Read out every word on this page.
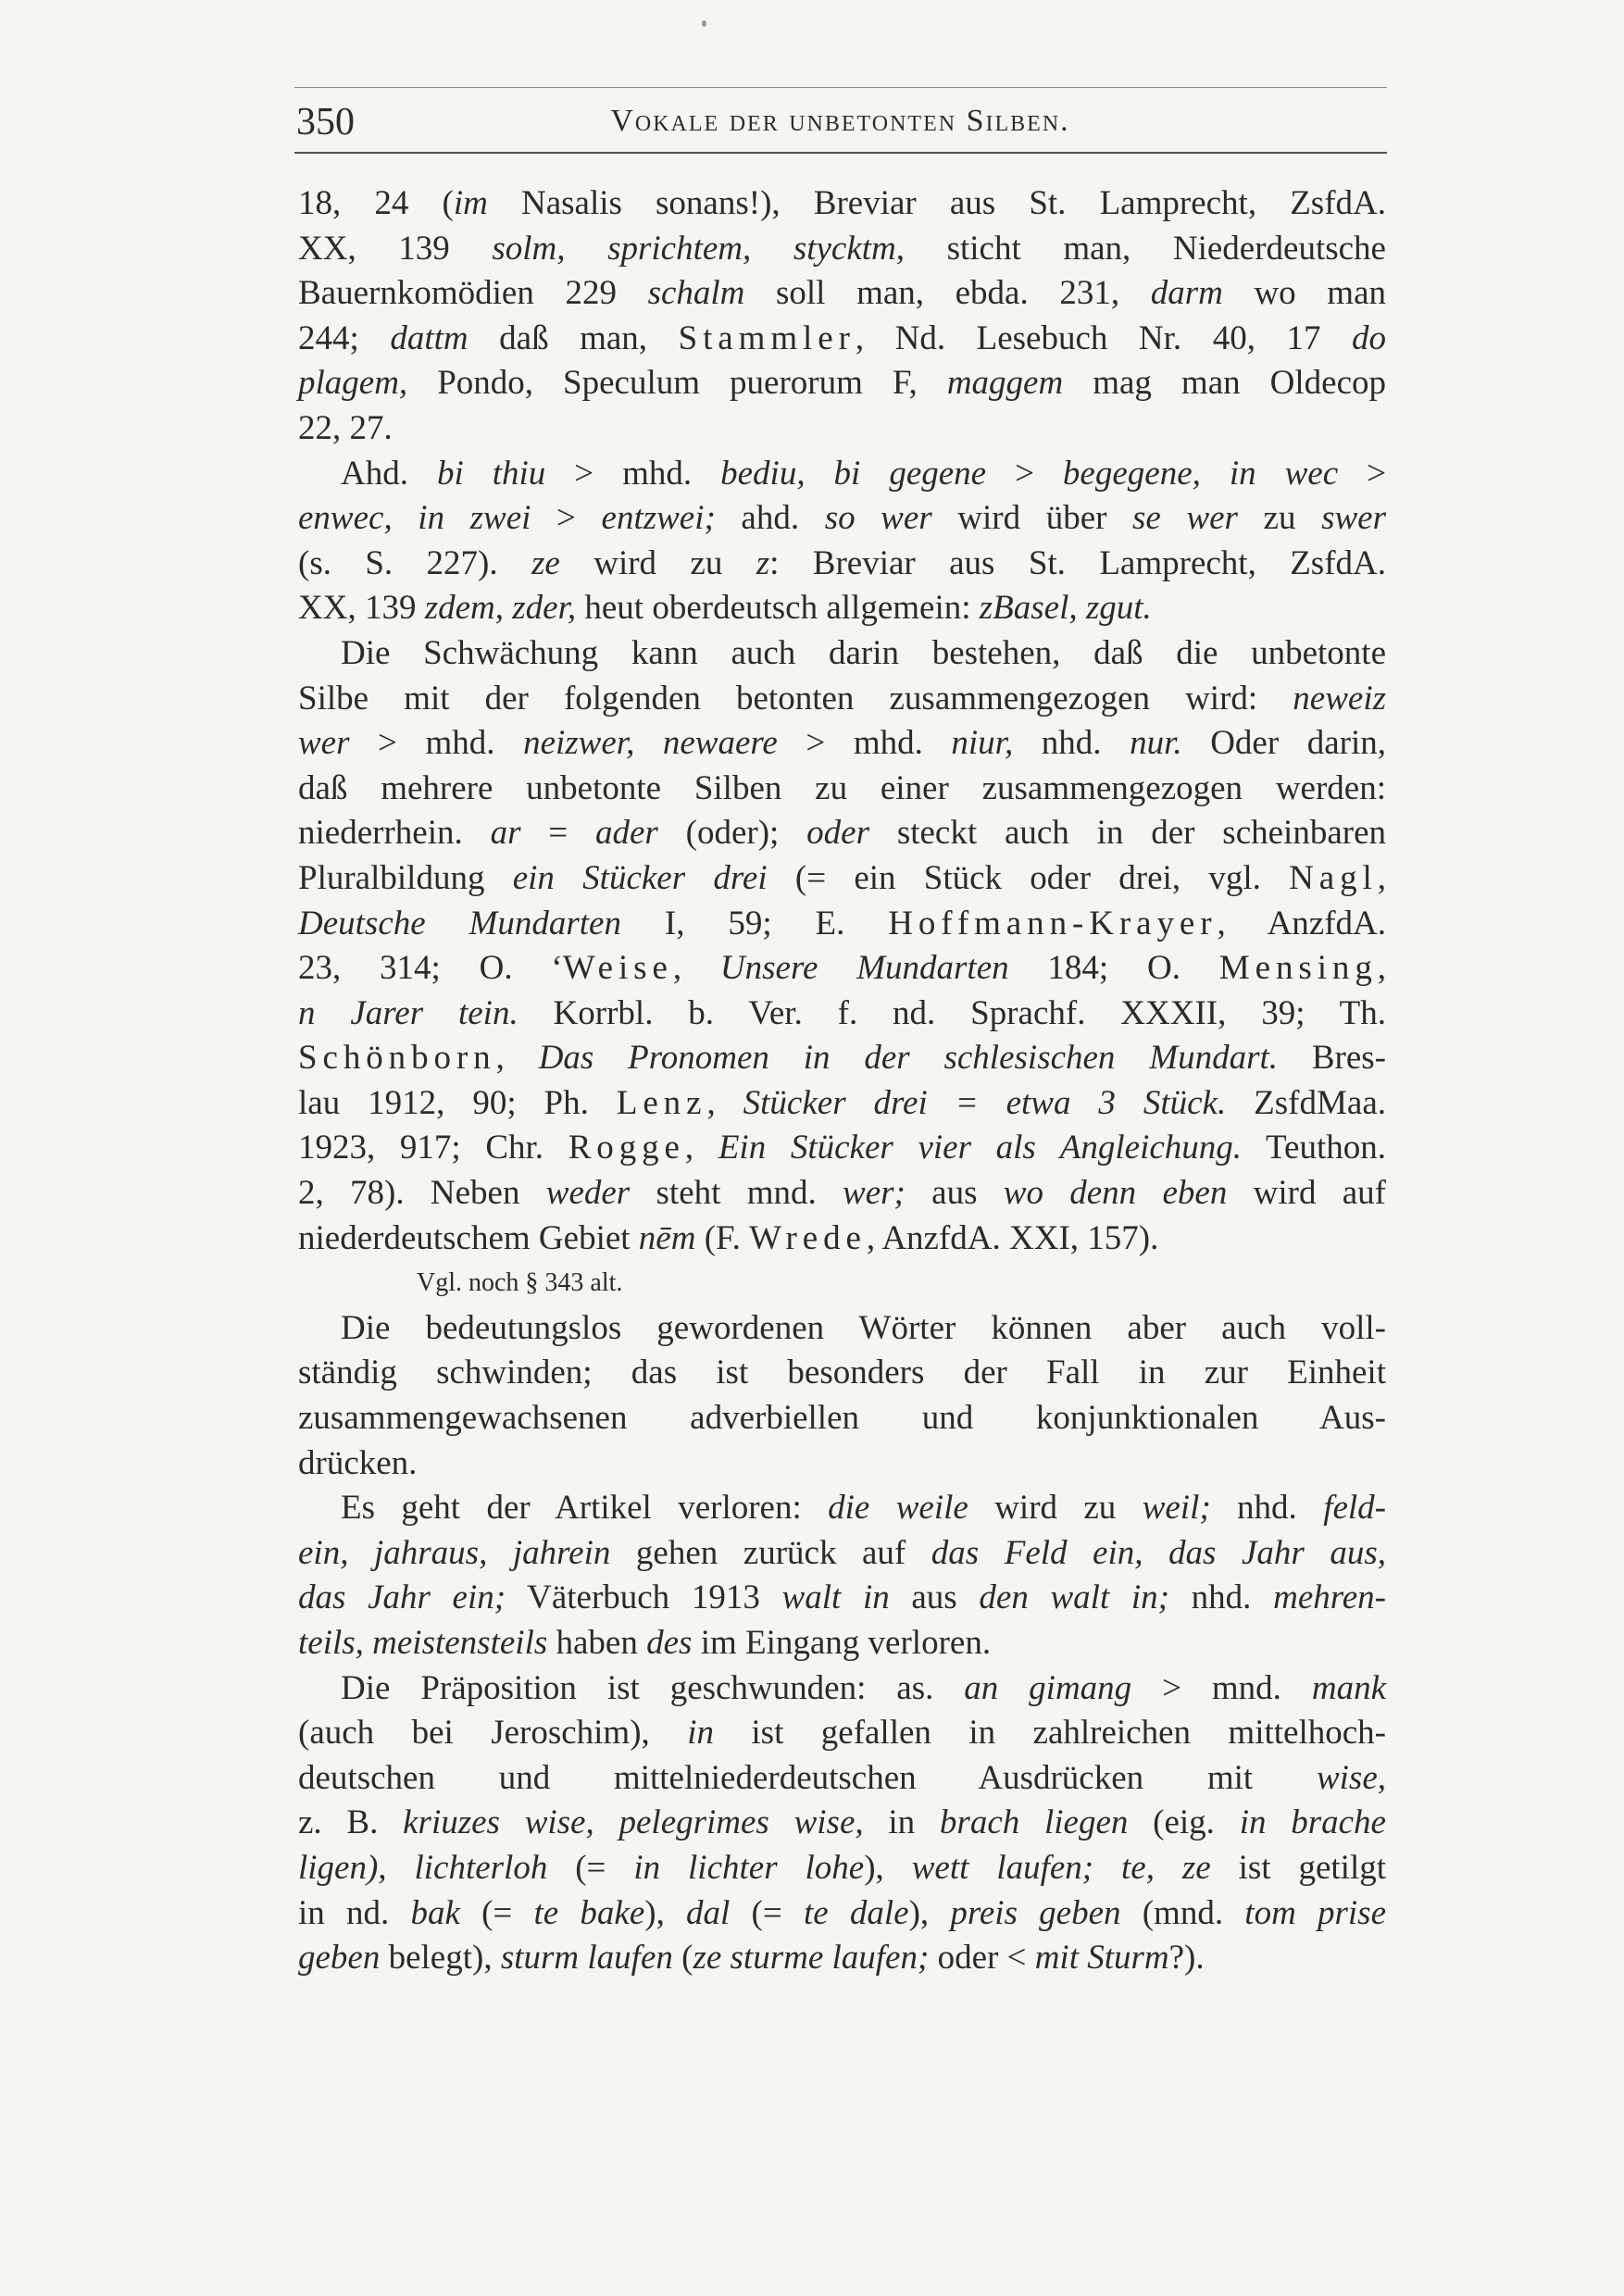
350	Vokale der unbetonten Silben.
18, 24 (im Nasalis sonans!), Breviar aus St. Lamprecht, ZsfdA.
XX, 139 solm, sprichtem, stycktm, sticht man, Niederdeutsche
Bauernkomödien 229 schalm soll man, ebda. 231, darm wo man
244; dattm daß man, Stammler, Nd. Lesebuch Nr. 40, 17 do
plagem, Pondo, Speculum puerorum F, maggem mag man Oldecop
22, 27.
Ahd. bi thiu > mhd. bediu, bi gegene > begegene, in wec >
enwec, in zwei > entzwei; ahd. so wer wird über se wer zu swer
(s. S. 227). ze wird zu z: Breviar aus St. Lamprecht, ZsfdA.
XX, 139 zdem, zder, heut oberdeutsch allgemein: zBasel, zgut.
Die Schwächung kann auch darin bestehen, daß die unbetonte
Silbe mit der folgenden betonten zusammengezogen wird: neweiz
wer > mhd. neizwer, newaere > mhd. niur, nhd. nur. Oder darin,
daß mehrere unbetonte Silben zu einer zusammengezogen werden:
niederrhein. ar = ader (oder); oder steckt auch in der scheinbaren
Pluralbildung ein Stücker drei (= ein Stück oder drei, vgl. Nagl,
Deutsche Mundarten I, 59; E. Hoffmann-Krayer, AnzfdA.
23, 314; O. ‘Weise, Unsere Mundarten 184; O. Mensing,
n Jarer tein. Korrbl. b. Ver. f. nd. Sprachf. XXXII, 39; Th.
Schönborn, Das Pronomen in der schlesischen Mundart. Bres-
lau 1912, 90; Ph. Lenz, Stücker drei = etwa 3 Stück. ZsfdMaa.
1923, 917; Chr. Rogge, Ein Stücker vier als Angleichung. Teuthon.
2, 78). Neben weder steht mnd. wer; aus wo denn eben wird auf
niederdeutschem Gebiet nēm (F. Wrede, AnzfdA. XXI, 157).
Vgl. noch § 343 alt.
Die bedeutungslos gewordenen Wörter können aber auch voll-
ständig schwinden; das ist besonders der Fall in zur Einheit
zusammengewachsenen adverbiellen und konjunktionalen Aus-
drücken.
Es geht der Artikel verloren: die weile wird zu weil; nhd. feld-
ein, jahraus, jahrein gehen zurück auf das Feld ein, das Jahr aus,
das Jahr ein; Väterbuch 1913 walt in aus den walt in; nhd. mehren-
teils, meistensteils haben des im Eingang verloren.
Die Präposition ist geschwunden: as. an gimang > mnd. mank
(auch bei Jeroschim), in ist gefallen in zahlreichen mittelhoch-
deutschen und mittelniederdeutschen Ausdrücken mit wise,
z. B. kriuzes wise, pelegrimes wise, in brach liegen (eig. in brache
ligen), lichterloh (= in lichter lohe), wett laufen; te, ze ist getilgt
in nd. bak (= te bake), dal (= te dale), preis geben (mnd. tom prise
geben belegt), sturm laufen (ze sturme laufen; oder < mit Sturm?).
